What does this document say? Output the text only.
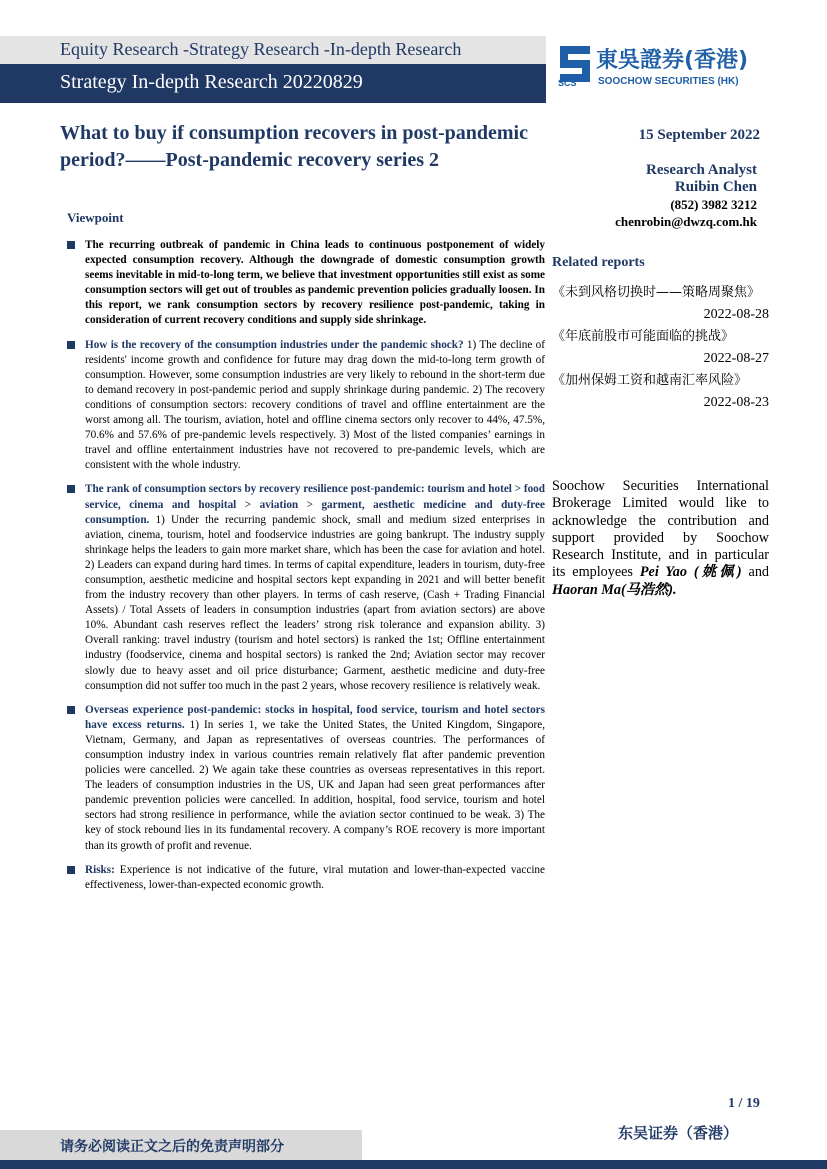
Equity Research -Strategy Research -In-depth Research
Strategy In-depth Research 20220829	SCS
東吳證券(香港)
SOOCHOW SECURITIES (HK)
What to buy if consumption recovers in post-pandemic period?——Post-pandemic recovery series 2
Viewpoint
The recurring outbreak of pandemic in China leads to continuous postponement of widely expected consumption recovery. Although the downgrade of domestic consumption growth seems inevitable in mid-to-long term, we believe that investment opportunities still exist as some consumption sectors will get out of troubles as pandemic prevention policies gradually loosen. In this report, we rank consumption sectors by recovery resilience post-pandemic, taking in consideration of current recovery conditions and supply side shrinkage.
How is the recovery of the consumption industries under the pandemic shock? 1) The decline of residents' income growth and confidence for future may drag down the mid-to-long term growth of consumption. However, some consumption industries are very likely to rebound in the short-term due to demand recovery in post-pandemic period and supply shrinkage during pandemic. 2) The recovery conditions of consumption sectors: recovery conditions of travel and offline entertainment are the worst among all. The tourism, aviation, hotel and offline cinema sectors only recover to 44%, 47.5%, 70.6% and 57.6% of pre-pandemic levels respectively. 3) Most of the listed companies’ earnings in travel and offline entertainment industries have not recovered to pre-pandemic levels, which are consistent with the whole industry.
The rank of consumption sectors by recovery resilience post-pandemic: tourism and hotel > food service, cinema and hospital > aviation > garment, aesthetic medicine and duty-free consumption. 1) Under the recurring pandemic shock, small and medium sized enterprises in aviation, cinema, tourism, hotel and foodservice industries are going bankrupt. The industry supply shrinkage helps the leaders to gain more market share, which has been the case for aviation and hotel. 2) Leaders can expand during hard times. In terms of capital expenditure, leaders in tourism, duty-free consumption, aesthetic medicine and hospital sectors kept expanding in 2021 and will better benefit from the industry recovery than other players. In terms of cash reserve, (Cash + Trading Financial Assets) / Total Assets of leaders in consumption industries (apart from aviation sectors) are above 10%. Abundant cash reserves reflect the leaders’ strong risk tolerance and expansion ability. 3) Overall ranking: travel industry (tourism and hotel sectors) is ranked the 1st; Offline entertainment industry (foodservice, cinema and hospital sectors) is ranked the 2nd; Aviation sector may recover slowly due to heavy asset and oil price disturbance; Garment, aesthetic medicine and duty-free consumption did not suffer too much in the past 2 years, whose recovery resilience is relatively weak.
Overseas experience post-pandemic: stocks in hospital, food service, tourism and hotel sectors have excess returns. 1) In series 1, we take the United States, the United Kingdom, Singapore, Vietnam, Germany, and Japan as representatives of overseas countries. The performances of consumption industry index in various countries remain relatively flat after pandemic prevention policies were cancelled. 2) We again take these countries as overseas representatives in this report. The leaders of consumption industries in the US, UK and Japan had seen great performances after pandemic prevention policies were cancelled. In addition, hospital, food service, tourism and hotel sectors had strong resilience in performance, while the aviation sector continued to be weak. 3) The key of stock rebound lies in its fundamental recovery. A company’s ROE recovery is more important than its growth of profit and revenue.
Risks: Experience is not indicative of the future, viral mutation and lower-than-expected vaccine effectiveness, lower-than-expected economic growth.
15 September 2022
Research Analyst
Ruibin Chen
(852) 3982 3212
chenrobin@dwzq.com.hk
Related reports
《未到风格切换时——策略周聚焦》
2022-08-28
《年底前股市可能面临的挑战》
2022-08-27
《加州保姆工资和越南汇率风险》
2022-08-23
Soochow Securities International Brokerage Limited would like to acknowledge the contribution and support provided by Soochow Research Institute, and in particular its employees Pei Yao (姚佩) and Haoran Ma(马浩然).
1 / 19
请务必阅读正文之后的免责声明部分
东吴证券（香港）
